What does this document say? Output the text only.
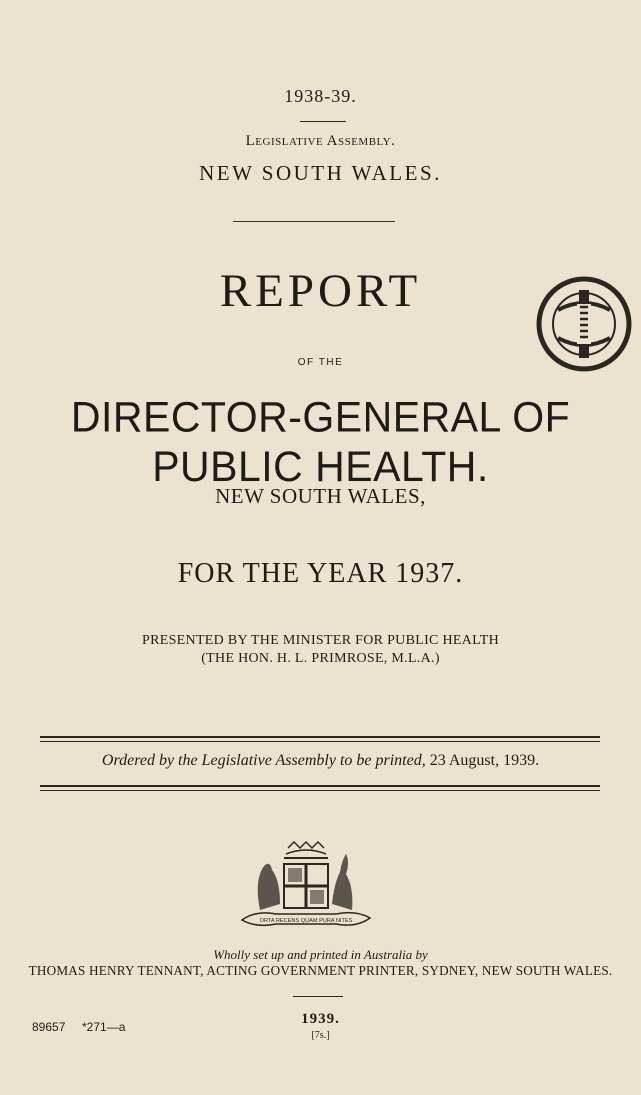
1938-39.
Legislative Assembly.
NEW SOUTH WALES.
REPORT
OF THE
DIRECTOR-GENERAL OF PUBLIC HEALTH.
NEW SOUTH WALES,
FOR THE YEAR 1937.
PRESENTED BY THE MINISTER FOR PUBLIC HEALTH
(THE HON. H. L. PRIMROSE, M.L.A.)
Ordered by the Legislative Assembly to be printed, 23 August, 1939.
ORTA RECENS QUAM PURA NITES
Wholly set up and printed in Australia by
THOMAS HENRY TENNANT, ACTING GOVERNMENT PRINTER, SYDNEY, NEW SOUTH WALES.
1939.
[7s.]
89657 *271—a
